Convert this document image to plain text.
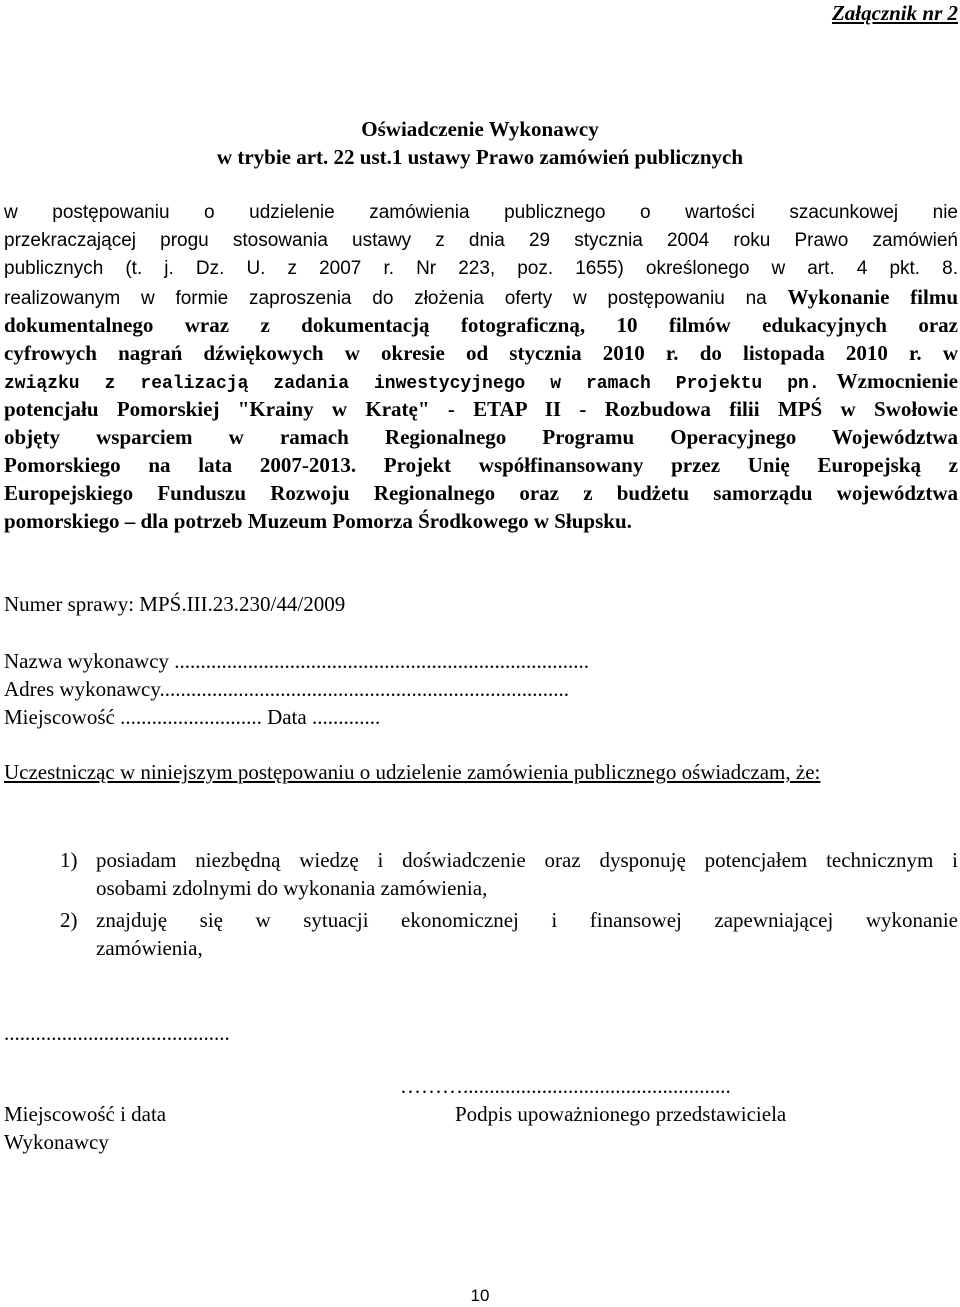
Załącznik nr 2
Oświadczenie Wykonawcy
w trybie art. 22 ust.1 ustawy Prawo zamówień publicznych
w postępowaniu o udzielenie zamówienia publicznego o wartości szacunkowej nie
przekraczającej progu stosowania ustawy z dnia 29 stycznia 2004 roku Prawo zamówień
publicznych (t. j. Dz. U. z 2007 r. Nr 223, poz. 1655) określonego w art. 4 pkt. 8.
realizowanym w formie zaproszenia do złożenia oferty w postępowaniu na Wykonanie filmu
dokumentalnego wraz z dokumentacją fotograficzną, 10 filmów edukacyjnych oraz
cyfrowych nagrań dźwiękowych w okresie od stycznia 2010 r. do listopada 2010 r. w
związku z realizacją zadania inwestycyjnego w ramach Projektu pn. Wzmocnienie
potencjału Pomorskiej "Krainy w Kratę" - ETAP II - Rozbudowa filii MPŚ w Swołowie
objęty wsparciem w ramach Regionalnego Programu Operacyjnego Województwa
Pomorskiego na lata 2007-2013. Projekt współfinansowany przez Unię Europejską z
Europejskiego Funduszu Rozwoju Regionalnego oraz z budżetu samorządu województwa
pomorskiego – dla potrzeb Muzeum Pomorza Środkowego w Słupsku.
Numer sprawy: MPŚ.III.23.230/44/2009
Nazwa wykonawcy ...............................................................................
Adres wykonawcy..............................................................................
Miejscowość ........................... Data .............
Uczestnicząc w niniejszym postępowaniu o udzielenie zamówienia publicznego oświadczam, że:
1) posiadam niezbędną wiedzę i doświadczenie oraz dysponuję potencjałem technicznym i
osobami zdolnymi do wykonania zamówienia,
2) znajduję się w sytuacji ekonomicznej i finansowej zapewniającej wykonanie
zamówienia,
...........................................
………...................................................
Miejscowość i data
Wykonawcy
Podpis upoważnionego przedstawiciela
10
